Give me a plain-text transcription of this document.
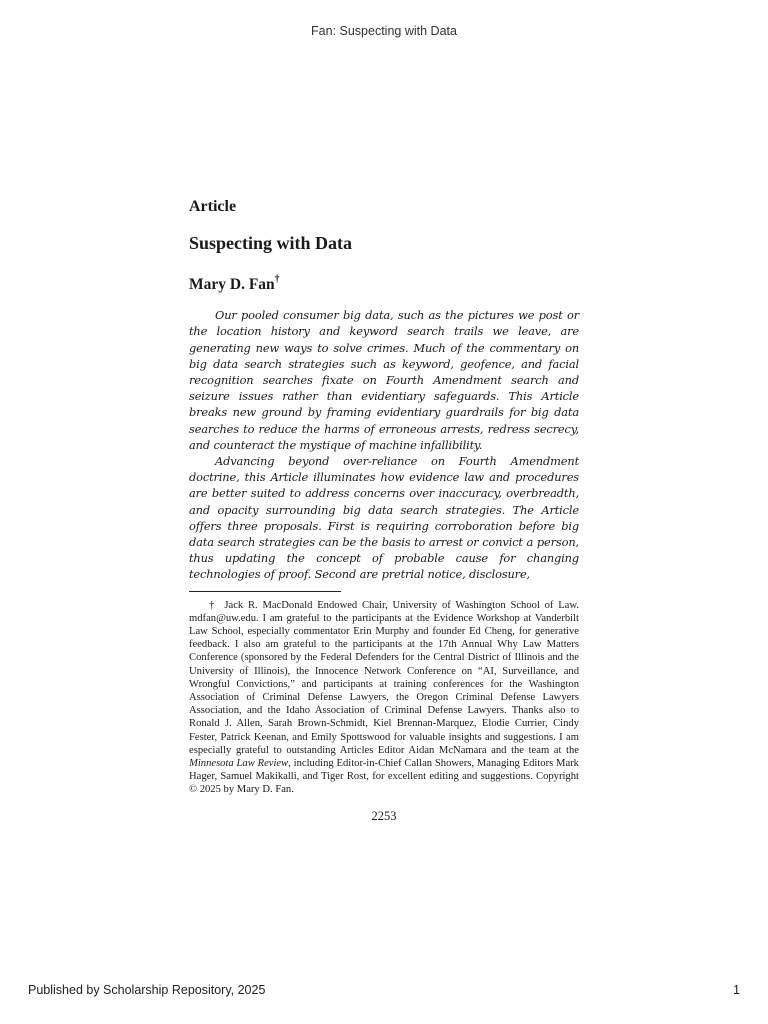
Fan: Suspecting with Data
Article
Suspecting with Data
Mary D. Fan†

Our pooled consumer big data, such as the pictures we post or the location history and keyword search trails we leave, are generating new ways to solve crimes. Much of the commentary on big data search strategies such as keyword, geofence, and facial recognition searches fixate on Fourth Amendment search and seizure issues rather than evidentiary safeguards. This Article breaks new ground by framing evidentiary guardrails for big data searches to reduce the harms of erroneous arrests, redress secrecy, and counteract the mystique of machine infallibility.

Advancing beyond over-reliance on Fourth Amendment doctrine, this Article illuminates how evidence law and procedures are better suited to address concerns over inaccuracy, overbreadth, and opacity surrounding big data search strategies. The Article offers three proposals. First is requiring corroboration before big data search strategies can be the basis to arrest or convict a person, thus updating the concept of probable cause for changing technologies of proof. Second are pretrial notice, disclosure,

† Jack R. MacDonald Endowed Chair, University of Washington School of Law. mdfan@uw.edu. I am grateful to the participants at the Evidence Workshop at Vanderbilt Law School, especially commentator Erin Murphy and founder Ed Cheng, for generative feedback. I also am grateful to the participants at the 17th Annual Why Law Matters Conference (sponsored by the Federal Defenders for the Central District of Illinois and the University of Illinois), the Innocence Network Conference on “AI, Surveillance, and Wrongful Convictions,” and participants at training conferences for the Washington Association of Criminal Defense Lawyers, the Oregon Criminal Defense Lawyers Association, and the Idaho Association of Criminal Defense Lawyers. Thanks also to Ronald J. Allen, Sarah Brown-Schmidt, Kiel Brennan-Marquez, Elodie Currier, Cindy Fester, Patrick Keenan, and Emily Spottswood for valuable insights and suggestions. I am especially grateful to outstanding Articles Editor Aidan McNamara and the team at the Minnesota Law Review, including Editor-in-Chief Callan Showers, Managing Editors Mark Hager, Samuel Makikalli, and Tiger Rost, for excellent editing and suggestions. Copyright © 2025 by Mary D. Fan.

2253
Published by Scholarship Repository, 2025	1
